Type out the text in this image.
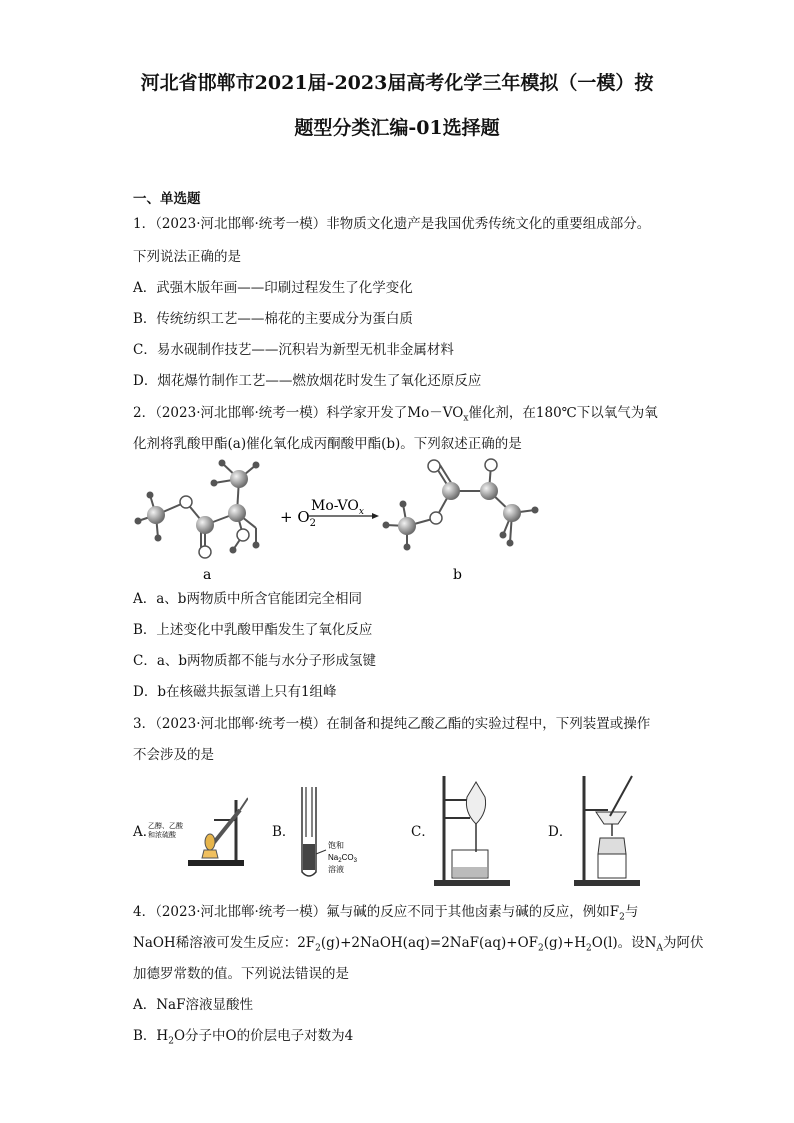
河北省邯郸市2021届-2023届高考化学三年模拟（一模）按
题型分类汇编-01选择题
一、单选题
1．（2023·河北邯郸·统考一模）非物质文化遗产是我国优秀传统文化的重要组成部分。
下列说法正确的是
A．武强木版年画——印刷过程发生了化学变化
B．传统纺织工艺——棉花的主要成分为蛋白质
C．易水砚制作技艺——沉积岩为新型无机非金属材料
D．烟花爆竹制作工艺——燃放烟花时发生了氧化还原反应
2．（2023·河北邯郸·统考一模）科学家开发了$Mo-VO_x$催化剂，在180℃下以氧气为氧
化剂将乳酸甲酯(a)催化氧化成丙酮酸甲酯(b)。下列叙述正确的是
+ $O_2$
$Mo-VO_x$
a	b
A．a、b两物质中所含官能团完全相同
B．上述变化中乳酸甲酯发生了氧化反应
C．a、b两物质都不能与水分子形成氢键
D．b在核磁共振氢谱上只有1组峰
3．（2023·河北邯郸·统考一模）在制备和提纯乙酸乙酯的实验过程中，下列装置或操作
不会涉及的是
A．
乙醇、乙酸
和浓硫酸	B．
饱和
$Na_2CO_3$
溶液
C．	D．
4．（2023·河北邯郸·统考一模）氟与碱的反应不同于其他卤素与碱的反应，例如$F_2$与
NaOH稀溶液可发生反应：$2F_2(g)+2NaOH(aq)=2NaF(aq)+OF_2(g)+H_2O(l)$。设$N_A$为阿伏
加德罗常数的值。下列说法错误的是
A．NaF溶液显酸性
B．$H_2O$分子中O的价层电子对数为4
